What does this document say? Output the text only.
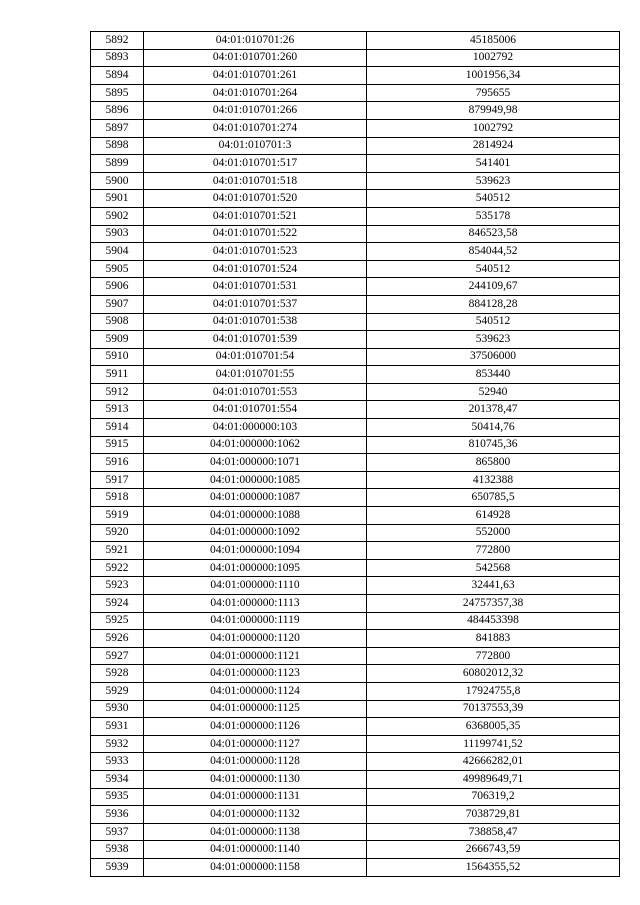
5892	04:01:010701:26	45185006
5893	04:01:010701:260	1002792
5894	04:01:010701:261	1001956,34
5895	04:01:010701:264	795655
5896	04:01:010701:266	879949,98
5897	04:01:010701:274	1002792
5898	04:01:010701:3	2814924
5899	04:01:010701:517	541401
5900	04:01:010701:518	539623
5901	04:01:010701:520	540512
5902	04:01:010701:521	535178
5903	04:01:010701:522	846523,58
5904	04:01:010701:523	854044,52
5905	04:01:010701:524	540512
5906	04:01:010701:531	244109,67
5907	04:01:010701:537	884128,28
5908	04:01:010701:538	540512
5909	04:01:010701:539	539623
5910	04:01:010701:54	37506000
5911	04:01:010701:55	853440
5912	04:01:010701:553	52940
5913	04:01:010701:554	201378,47
5914	04:01:000000:103	50414,76
5915	04:01:000000:1062	810745,36
5916	04:01:000000:1071	865800
5917	04:01:000000:1085	4132388
5918	04:01:000000:1087	650785,5
5919	04:01:000000:1088	614928
5920	04:01:000000:1092	552000
5921	04:01:000000:1094	772800
5922	04:01:000000:1095	542568
5923	04:01:000000:1110	32441,63
5924	04:01:000000:1113	24757357,38
5925	04:01:000000:1119	484453398
5926	04:01:000000:1120	841883
5927	04:01:000000:1121	772800
5928	04:01:000000:1123	60802012,32
5929	04:01:000000:1124	17924755,8
5930	04:01:000000:1125	70137553,39
5931	04:01:000000:1126	6368005,35
5932	04:01:000000:1127	11199741,52
5933	04:01:000000:1128	42666282,01
5934	04:01:000000:1130	49989649,71
5935	04:01:000000:1131	706319,2
5936	04:01:000000:1132	7038729,81
5937	04:01:000000:1138	738858,47
5938	04:01:000000:1140	2666743,59
5939	04:01:000000:1158	1564355,52
